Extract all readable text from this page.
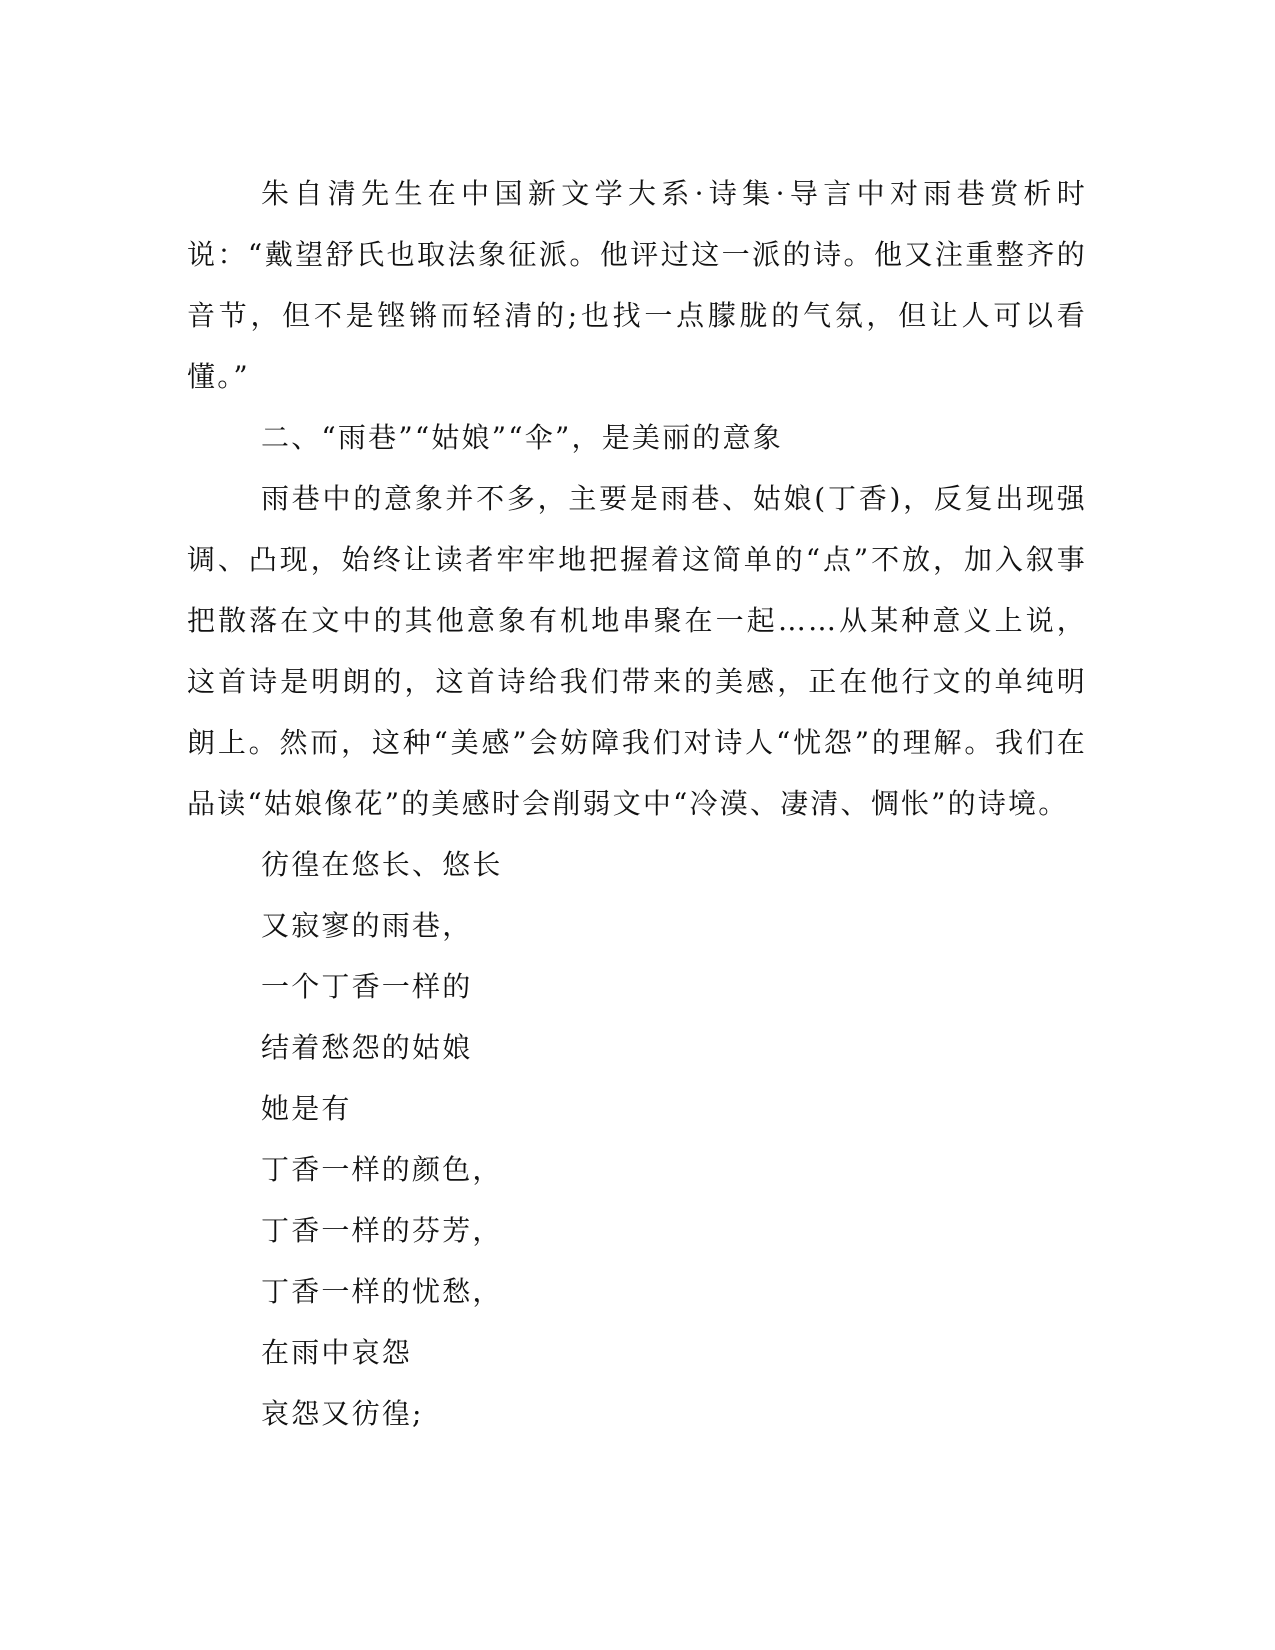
朱自清先生在中国新文学大系·诗集·导言中对雨巷赏析时说：“戴望舒氏也取法象征派。他评过这一派的诗。他又注重整齐的音节，但不是铿锵而轻清的;也找一点朦胧的气氛，但让人可以看懂。”

二、“雨巷”“姑娘”“伞”，是美丽的意象

雨巷中的意象并不多，主要是雨巷、姑娘(丁香)，反复出现强调、凸现，始终让读者牢牢地把握着这简单的“点”不放，加入叙事把散落在文中的其他意象有机地串聚在一起……从某种意义上说，这首诗是明朗的，这首诗给我们带来的美感，正在他行文的单纯明朗上。然而，这种“美感”会妨障我们对诗人“忧怨”的理解。我们在品读“姑娘像花”的美感时会削弱文中“冷漠、凄清、惆怅”的诗境。

彷徨在悠长、悠长
又寂寥的雨巷，
一个丁香一样的
结着愁怨的姑娘
她是有
丁香一样的颜色，
丁香一样的芬芳，
丁香一样的忧愁，
在雨中哀怨
哀怨又彷徨;
